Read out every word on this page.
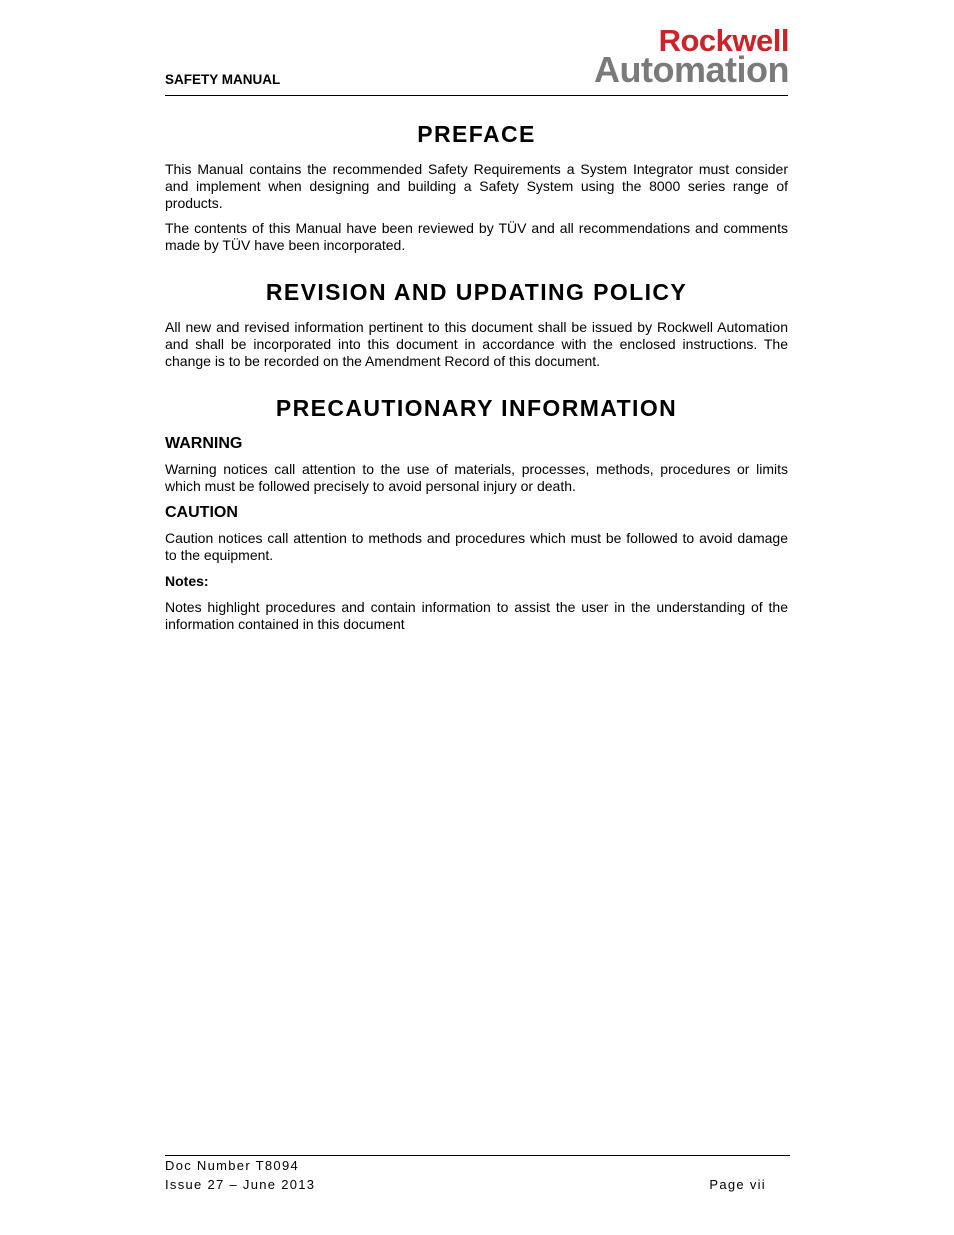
SAFETY MANUAL
Rockwell
Automation
PREFACE

This Manual contains the recommended Safety Requirements a System Integrator must consider and implement when designing and building a Safety System using the 8000 series range of products.

The contents of this Manual have been reviewed by TÜV and all recommendations and comments made by TÜV have been incorporated.

REVISION AND UPDATING POLICY

All new and revised information pertinent to this document shall be issued by Rockwell Automation and shall be incorporated into this document in accordance with the enclosed instructions. The change is to be recorded on the Amendment Record of this document.

PRECAUTIONARY INFORMATION
WARNING

Warning notices call attention to the use of materials, processes, methods, procedures or limits which must be followed precisely to avoid personal injury or death.

CAUTION

Caution notices call attention to methods and procedures which must be followed to avoid damage to the equipment.

Notes:

Notes highlight procedures and contain information to assist the user in the understanding of the information contained in this document

Doc Number T8094
Issue 27 – June 2013	Page vii
